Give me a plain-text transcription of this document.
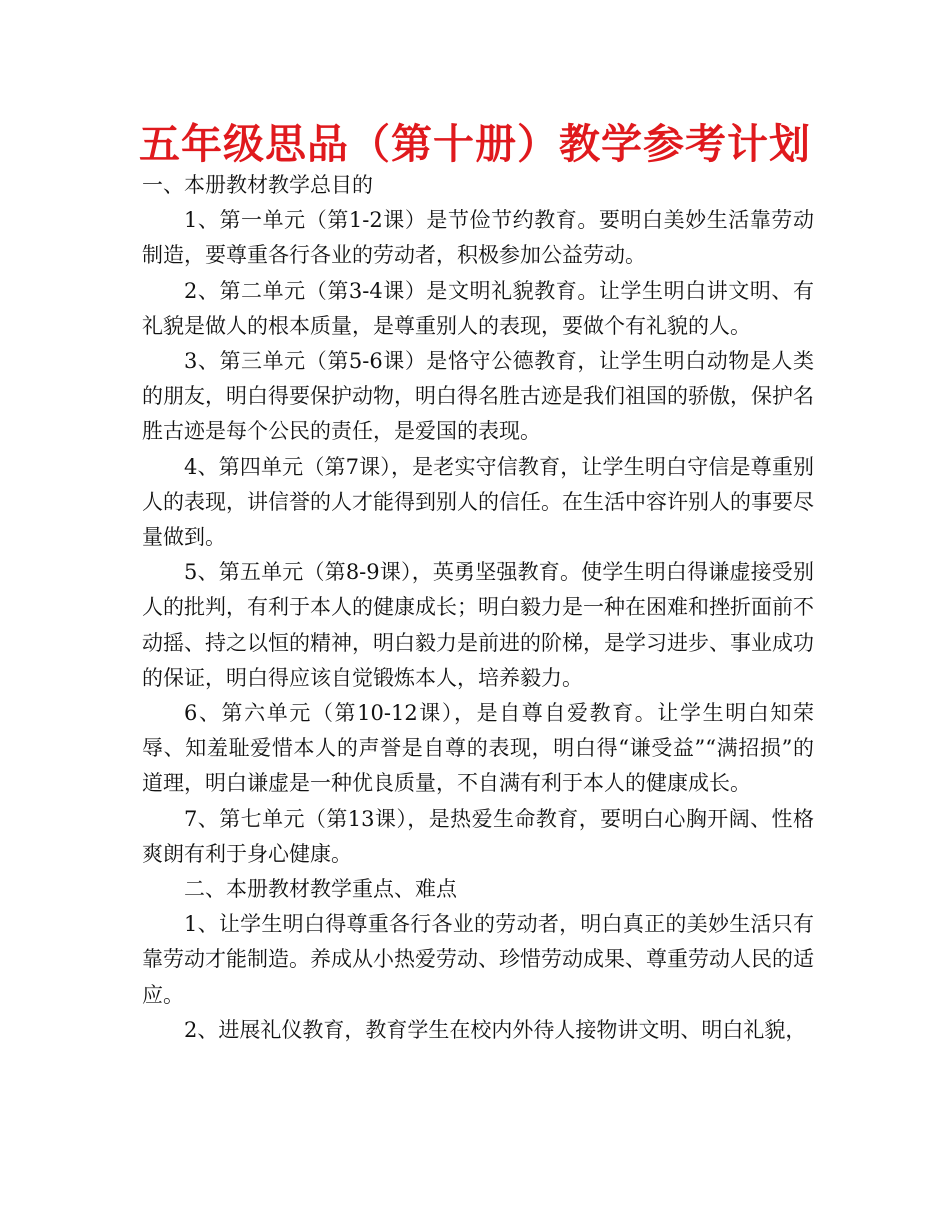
五年级思品（第十册）教学参考计划

一、本册教材教学总目的

1、第一单元（第1-2课）是节俭节约教育。要明白美妙生活靠劳动制造，要尊重各行各业的劳动者，积极参加公益劳动。

2、第二单元（第3-4课）是文明礼貌教育。让学生明白讲文明、有礼貌是做人的根本质量，是尊重别人的表现，要做个有礼貌的人。

3、第三单元（第5-6课）是恪守公德教育，让学生明白动物是人类的朋友，明白得要保护动物，明白得名胜古迹是我们祖国的骄傲，保护名胜古迹是每个公民的责任，是爱国的表现。

4、第四单元（第7课），是老实守信教育，让学生明白守信是尊重别人的表现，讲信誉的人才能得到别人的信任。在生活中容许别人的事要尽量做到。

5、第五单元（第8-9课），英勇坚强教育。使学生明白得谦虚接受别人的批判，有利于本人的健康成长；明白毅力是一种在困难和挫折面前不动摇、持之以恒的精神，明白毅力是前进的阶梯，是学习进步、事业成功的保证，明白得应该自觉锻炼本人，培养毅力。

6、第六单元（第10-12课），是自尊自爱教育。让学生明白知荣辱、知羞耻爱惜本人的声誉是自尊的表现，明白得“谦受益”“满招损”的道理，明白谦虚是一种优良质量，不自满有利于本人的健康成长。

7、第七单元（第13课），是热爱生命教育，要明白心胸开阔、性格爽朗有利于身心健康。

二、本册教材教学重点、难点

1、让学生明白得尊重各行各业的劳动者，明白真正的美妙生活只有靠劳动才能制造。养成从小热爱劳动、珍惜劳动成果、尊重劳动人民的适应。

2、进展礼仪教育，教育学生在校内外待人接物讲文明、明白礼貌，
